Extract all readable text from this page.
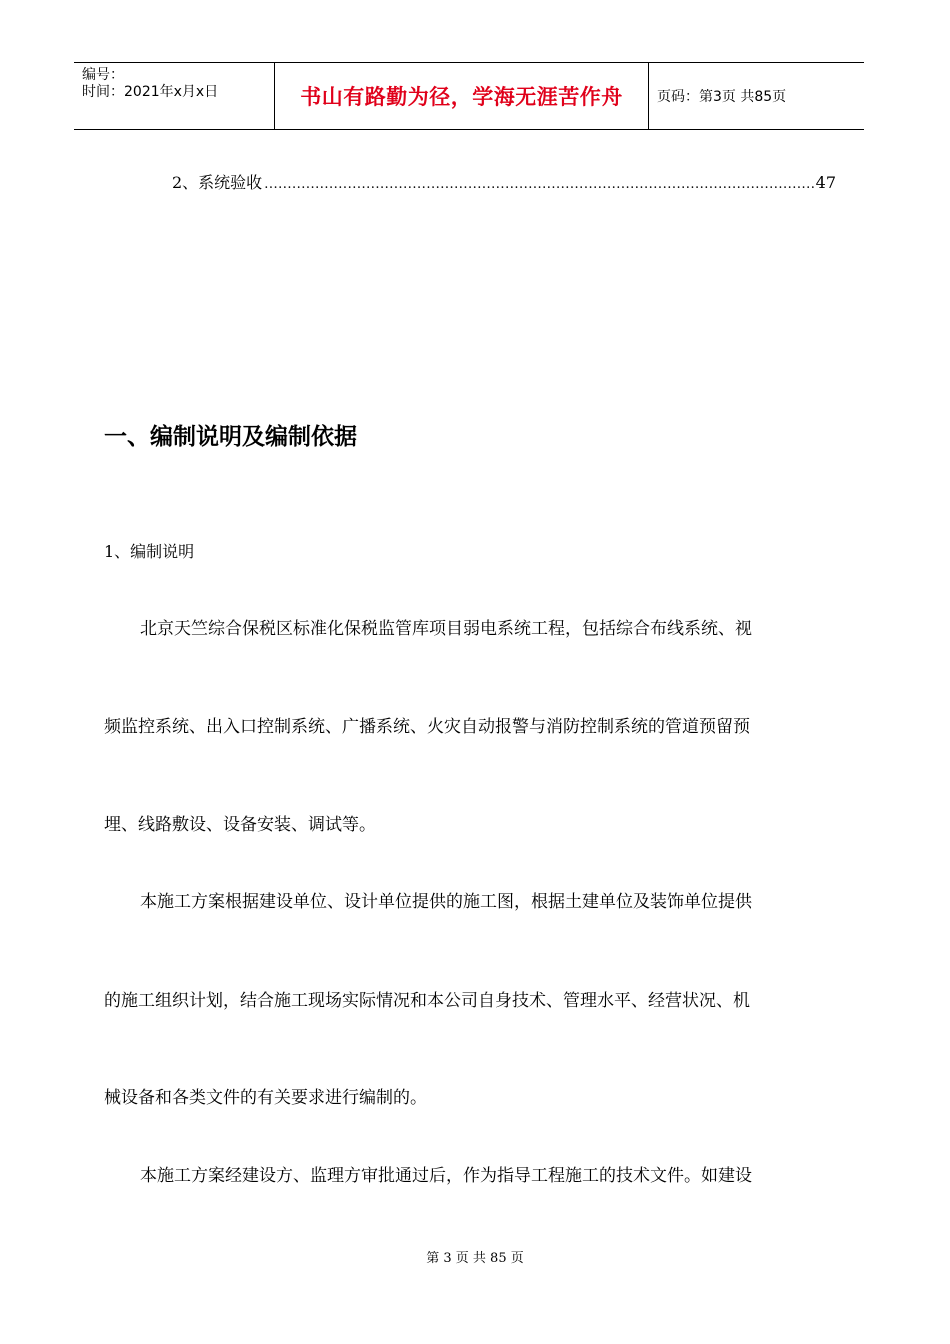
编号：
时间：2021年x月x日	书山有路勤为径，学海无涯苦作舟	页码：第3页 共85页
2、系统验收
.....	47
一、编制说明及编制依据
1、编制说明
北京天竺综合保税区标准化保税监管库项目弱电系统工程，包括综合布线系统、视
频监控系统、出入口控制系统、广播系统、火灾自动报警与消防控制系统的管道预留预
埋、线路敷设、设备安装、调试等。
本施工方案根据建设单位、设计单位提供的施工图，根据土建单位及装饰单位提供
的施工组织计划，结合施工现场实际情况和本公司自身技术、管理水平、经营状况、机
械设备和各类文件的有关要求进行编制的。
本施工方案经建设方、监理方审批通过后，作为指导工程施工的技术文件。如建设
第 3 页 共 85 页
